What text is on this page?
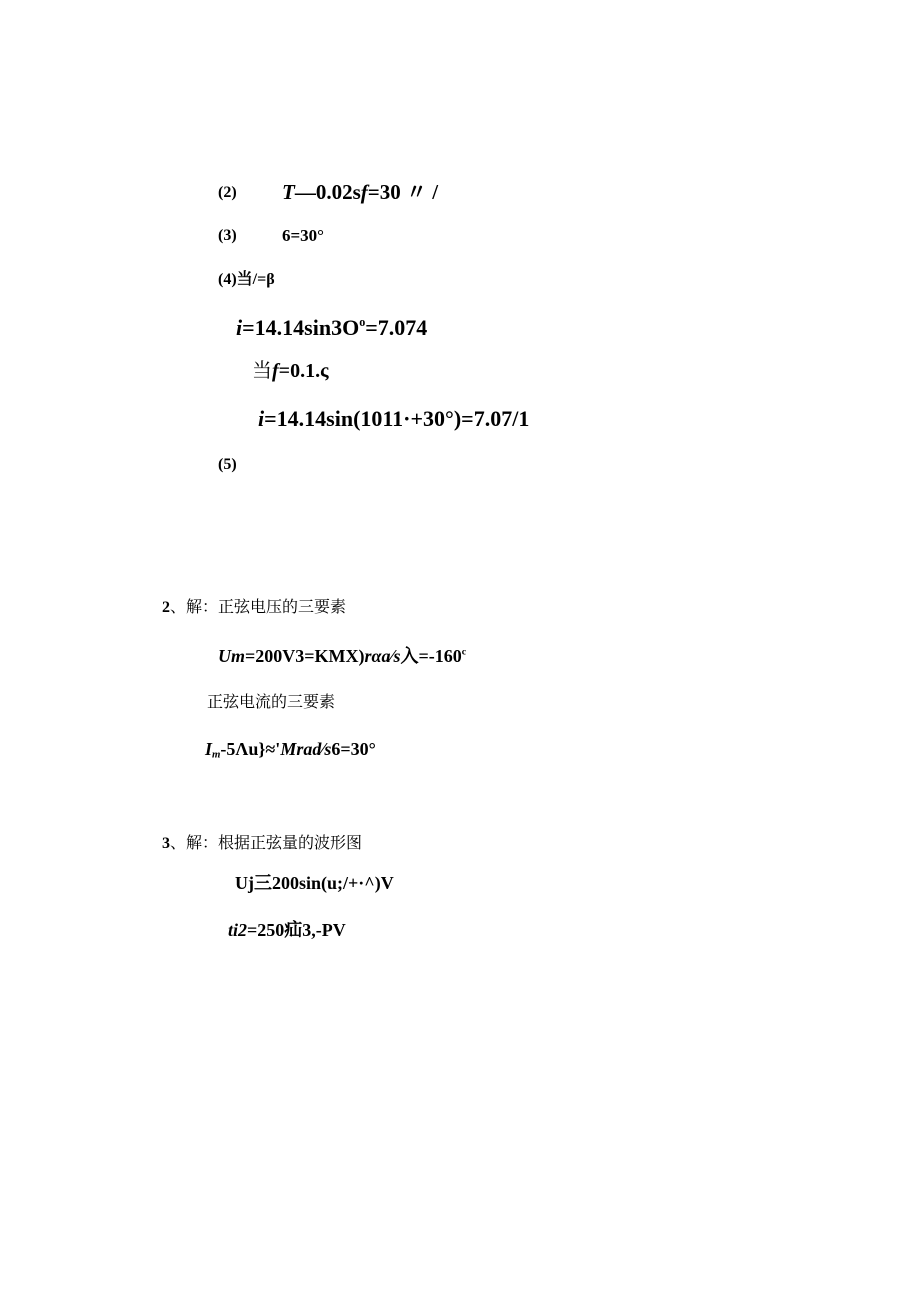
(2) T—0.02sf=30 〃 /
(3)	6=30°
(4)当/=β
$i=14.14\sin 3O^o=7.074$
当f=0.1.ς
i=14.14sin(1011·+30°)=7.07/1
(5)
2、解：正弦电压的三要素
Um=200V3=KMX)rαa⁄s入$=-160^c$
正弦电流的三要素
$I_m-5\Lambda u\}\approx'Mrad⁄s6=30^\circ$
3、解：根据正弦量的波形图
Uj三200sin(u;/+·^)V
ti2=250疝3,-PV
